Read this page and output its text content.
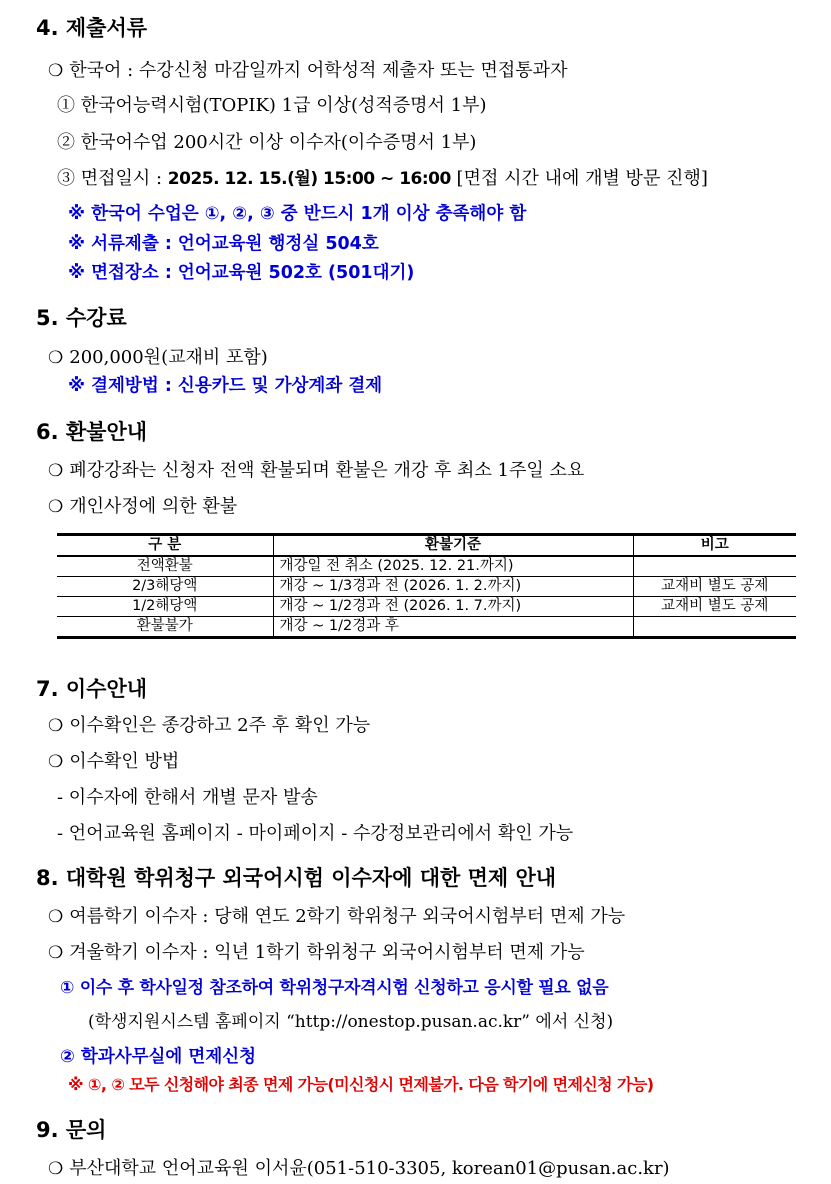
4. 제출서류
❍ 한국어 : 수강신청 마감일까지 어학성적 제출자 또는 면접통과자
① 한국어능력시험(TOPIK) 1급 이상(성적증명서 1부)
② 한국어수업 200시간 이상 이수자(이수증명서 1부)
③ 면접일시 : 2025. 12. 15.(월) 15:00 ~ 16:00 [면접 시간 내에 개별 방문 진행]
※ 한국어 수업은 ①, ②, ③ 중 반드시 1개 이상 충족해야 함
※ 서류제출 : 언어교육원 행정실 504호
※ 면접장소 : 언어교육원 502호 (501대기)
5. 수강료
❍ 200,000원(교재비 포함)
※ 결제방법 : 신용카드 및 가상계좌 결제
6. 환불안내
❍ 폐강강좌는 신청자 전액 환불되며 환불은 개강 후 최소 1주일 소요
❍ 개인사정에 의한 환불
구 분	환불기준	비고
전액환불	개강일 전 취소 (2025. 12. 21.까지)	
2/3해당액	개강 ~ 1/3경과 전 (2026. 1. 2.까지)	교재비 별도 공제
1/2해당액	개강 ~ 1/2경과 전 (2026. 1. 7.까지)	교재비 별도 공제
환불불가	개강 ~ 1/2경과 후	
7. 이수안내
❍ 이수확인은 종강하고 2주 후 확인 가능
❍ 이수확인 방법
- 이수자에 한해서 개별 문자 발송
- 언어교육원 홈페이지 - 마이페이지 - 수강정보관리에서 확인 가능
8. 대학원 학위청구 외국어시험 이수자에 대한 면제 안내
❍ 여름학기 이수자 : 당해 연도 2학기 학위청구 외국어시험부터 면제 가능
❍ 겨울학기 이수자 : 익년 1학기 학위청구 외국어시험부터 면제 가능
① 이수 후 학사일정 참조하여 학위청구자격시험 신청하고 응시할 필요 없음
(학생지원시스템 홈페이지 “http://onestop.pusan.ac.kr” 에서 신청)
② 학과사무실에 면제신청
※ ①, ② 모두 신청해야 최종 면제 가능(미신청시 면제불가. 다음 학기에 면제신청 가능)
9. 문의
❍ 부산대학교 언어교육원 이서윤(051-510-3305, korean01@pusan.ac.kr)
